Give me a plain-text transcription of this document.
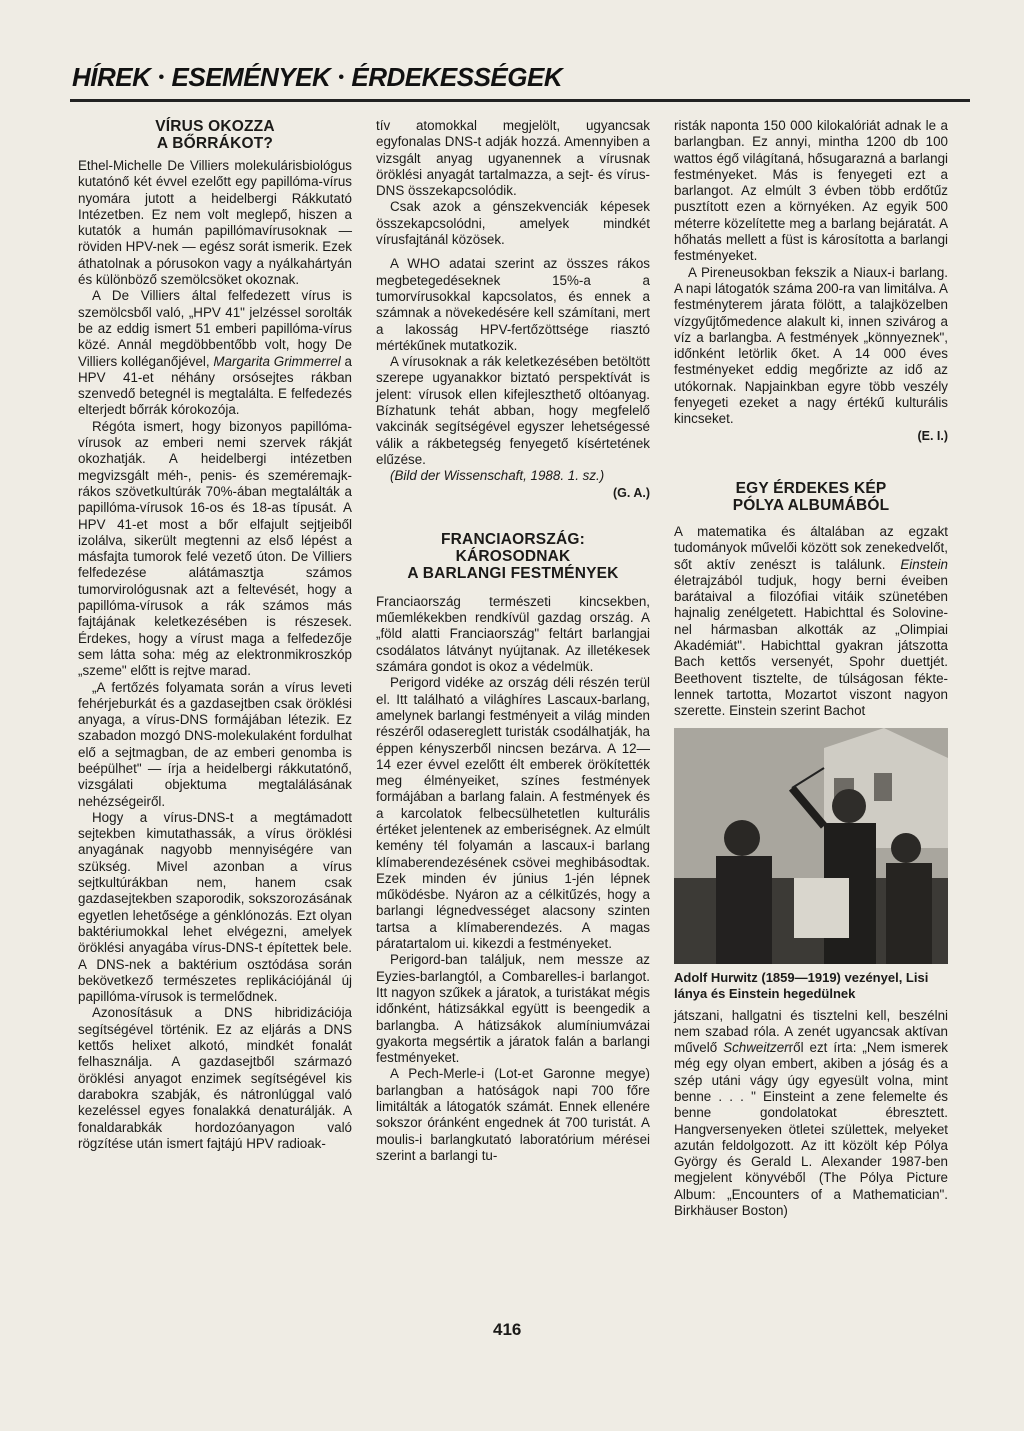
HÍREK • ESEMÉNYEK • ÉRDEKESSÉGEK
VÍRUS OKOZZA
A BŐRRÁKOT?

Ethel-Michelle De Villiers molekulárisbiológus kutatónő két évvel ezelőtt egy papillóma-vírus nyomára jutott a heidelbergi Rákkutató Intézetben. Ez nem volt meglepő, hiszen a kutatók a humán papillómavírusoknak — röviden HPV-nek — egész sorát ismerik. Ezek áthatolnak a pórusokon vagy a nyálkahártyán és különböző szemölcsöket okoznak.

A De Villiers által felfedezett vírus is szemölcsből való, „HPV 41" jelzéssel sorolták be az eddig ismert 51 emberi papillóma-vírus közé. Annál megdöbbentőbb volt, hogy De Villiers kolléganőjével, Margarita Grimmerrel a HPV 41-et néhány orsósejtes rákban szenvedő betegnél is megtalálta. E felfedezés elterjedt bőrrák kórokozója.

Régóta ismert, hogy bizonyos papillóma-vírusok az emberi nemi szervek rákját okozhatják. A heidelbergi intézetben megvizsgált méh-, penis- és szeméremajk-rákos szövetkultúrák 70%-ában megtalálták a papillóma-vírusok 16-os és 18-as típusát. A HPV 41-et most a bőr elfajult sejtjeiből izolálva, sikerült megtenni az első lépést a másfajta tumorok felé vezető úton. De Villiers felfedezése alátámasztja számos tumorvirológusnak azt a feltevését, hogy a papillóma-vírusok a rák számos más fajtájának keletkezésében is részesek. Érdekes, hogy a vírust maga a felfedezője sem látta soha: még az elektronmikroszkóp „szeme" előtt is rejtve marad.

„A fertőzés folyamata során a vírus leveti fehérjeburkát és a gazdasejtben csak öröklési anyaga, a vírus-DNS formájában létezik. Ez szabadon mozgó DNS-molekulaként fordulhat elő a sejtmagban, de az emberi genomba is beépülhet" — írja a heidelbergi rákkutatónő, vizsgálati objektuma megtalálásának nehézségeiről.

Hogy a vírus-DNS-t a megtámadott sejtekben kimutathassák, a vírus öröklési anyagának nagyobb mennyiségére van szükség. Mivel azonban a vírus sejtkultúrákban nem, hanem csak gazdasejtekben szaporodik, sokszorozásának egyetlen lehetősége a génklónozás. Ezt olyan baktériumokkal lehet elvégezni, amelyek öröklési anyagába vírus-DNS-t építettek bele. A DNS-nek a baktérium osztódása során bekövetkező természetes replikációjánál új papillóma-vírusok is termelődnek.

Azonosításuk a DNS hibridizációja segítségével történik. Ez az eljárás a DNS kettős helixet alkotó, mindkét fonalát felhasználja. A gazdasejtből származó öröklési anyagot enzimek segítségével kis darabokra szabják, és nátronlúggal való kezeléssel egyes fonalakká denaturálják. A fonaldarabkák hordozóanyagon való rögzítése után ismert fajtájú HPV radioak-

tív atomokkal megjelölt, ugyancsak egyfonalas DNS-t adják hozzá. Amennyiben a vizsgált anyag ugyanennek a vírusnak öröklési anyagát tartalmazza, a sejt- és vírus-DNS összekapcsolódik.

Csak azok a génszekvenciák képesek összekapcsolódni, amelyek mindkét vírusfajtánál közösek.

A WHO adatai szerint az összes rákos megbetegedéseknek 15%-a a tumorvírusokkal kapcsolatos, és ennek a számnak a növekedésére kell számítani, mert a lakosság HPV-fertőzöttsége riasztó mértékűnek mutatkozik.

A vírusoknak a rák keletkezésében betöltött szerepe ugyanakkor biztató perspektívát is jelent: vírusok ellen kifejleszthető oltóanyag. Bízhatunk tehát abban, hogy megfelelő vakcinák segítségével egyszer lehetségessé válik a rákbetegség fenyegető kísértetének elűzése.

(Bild der Wissenschaft, 1988. 1. sz.)

(G. A.)
FRANCIAORSZÁG:
KÁROSODNAK
A BARLANGI FESTMÉNYEK

Franciaország természeti kincsekben, műemlékekben rendkívül gazdag ország. A „föld alatti Franciaország" feltárt barlangjai csodálatos látványt nyújtanak. Az illetékesek számára gondot is okoz a védelmük.

Perigord vidéke az ország déli részén terül el. Itt található a világhíres Lascaux-barlang, amelynek barlangi festményeit a világ minden részéről odasereglett turisták csodálhatják, ha éppen kényszerből nincsen bezárva. A 12—14 ezer évvel ezelőtt élt emberek örökítették meg élményeiket, színes festmények formájában a barlang falain. A festmények és a karcolatok felbecsülhetetlen kulturális értéket jelentenek az emberiségnek. Az elmúlt kemény tél folyamán a lascaux-i barlang klímaberendezésének csövei meghibásodtak. Ezek minden év június 1-jén lépnek működésbe. Nyáron az a célkitűzés, hogy a barlangi légnedvességet alacsony szinten tartsa a klímaberendezés. A magas páratartalom ui. kikezdi a festményeket.

Perigord-ban találjuk, nem messze az Eyzies-barlangtól, a Combarelles-i barlangot. Itt nagyon szűkek a járatok, a turistákat mégis időnként, hátizsákkal együtt is beengedik a barlangba. A hátizsákok alumíniumvázai gyakorta megsértik a járatok falán a barlangi festményeket.

A Pech-Merle-i (Lot-et Garonne megye) barlangban a hatóságok napi 700 főre limitálták a látogatók számát. Ennek ellenére sokszor óránként engednek át 700 turistát. A moulis-i barlangkutató laboratórium mérései szerint a barlangi tu-

risták naponta 150 000 kilokalóriát adnak le a barlangban. Ez annyi, mintha 1200 db 100 wattos égő világítaná, hősugarazná a barlangi festményeket. Más is fenyegeti ezt a barlangot. Az elmúlt 3 évben több erdőtűz pusztított ezen a környéken. Az egyik 500 méterre közelítette meg a barlang bejáratát. A hőhatás mellett a füst is károsította a barlangi festményeket.

A Pireneusokban fekszik a Niaux-i barlang. A napi látogatók száma 200-ra van limitálva. A festményterem járata fölött, a talajközelben vízgyűjtőmedence alakult ki, innen szivárog a víz a barlangba. A festmények „könnyeznek", időnként letörlik őket. A 14 000 éves festményeket eddig megőrizte az idő az utókornak. Napjainkban egyre több veszély fenyegeti ezeket a nagy értékű kulturális kincseket.

(E. I.)
EGY ÉRDEKES KÉP
PÓLYA ALBUMÁBÓL

A matematika és általában az egzakt tudományok művelői között sok zenekedvelőt, sőt aktív zenészt is találunk. Einstein életrajzából tudjuk, hogy berni éveiben barátaival a filozófiai vitáik szünetében hajnalig zenélgetett. Habichttal és Solovine-nel hármasban alkották az „Olimpiai Akadémiát". Habichttal gyakran játszotta Bach kettős versenyét, Spohr duettjét. Beethovent tisztelte, de túlságosan féktelennek tartotta, Mozartot viszont nagyon szerette. Einstein szerint Bachot

Adolf Hurwitz (1859—1919) vezényel, Lisi lánya és Einstein hegedülnek

játszani, hallgatni és tisztelni kell, beszélni nem szabad róla. A zenét ugyancsak aktívan művelő Schweitzerről ezt írta: „Nem ismerek még egy olyan embert, akiben a jóság és a szép utáni vágy úgy egyesült volna, mint benne . . . " Einsteint a zene felemelte és benne gondolatokat ébresztett. Hangversenyeken ötletei születtek, melyeket azután feldolgozott. Az itt közölt kép Pólya György és Gerald L. Alexander 1987-ben megjelent könyvéből (The Pólya Picture Album: „Encounters of a Mathematician". Birkhäuser Boston)

416
